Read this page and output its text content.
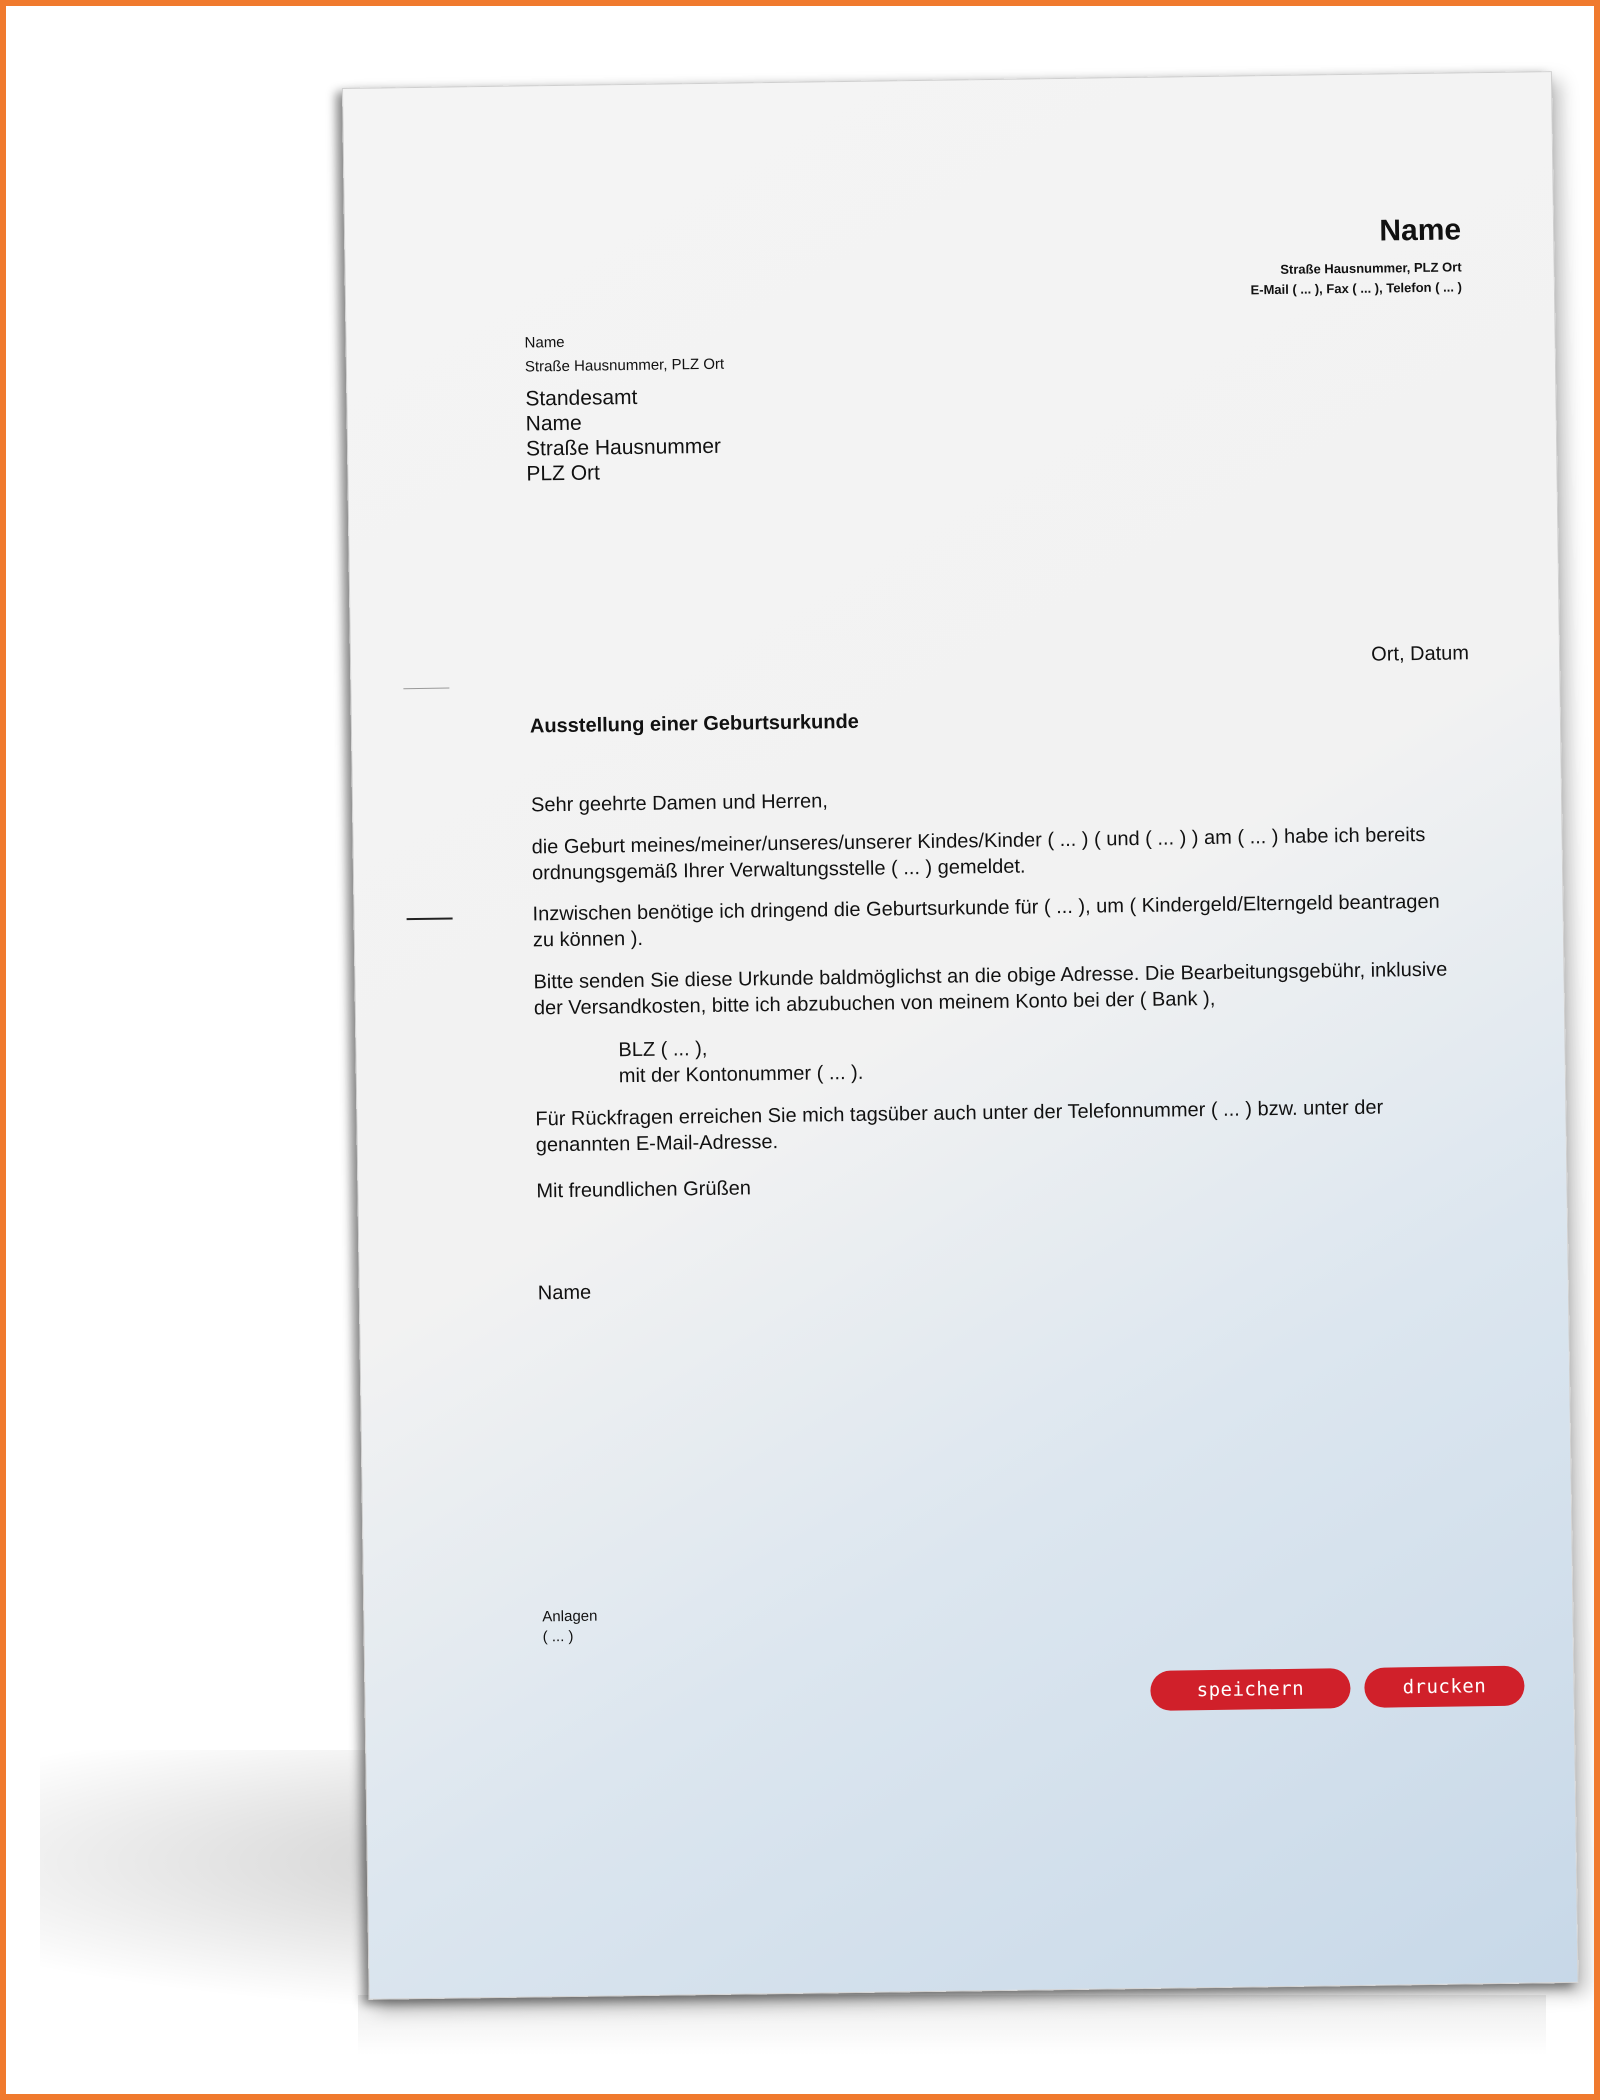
Name
Straße Hausnummer, PLZ Ort
E-Mail ( ... ), Fax ( ... ), Telefon ( ... )
Name
Straße Hausnummer, PLZ Ort
Standesamt
Name
Straße Hausnummer
PLZ Ort
Ort, Datum
Ausstellung einer Geburtsurkunde
Sehr geehrte Damen und Herren,
die Geburt meines/meiner/unseres/unserer Kindes/Kinder ( ... ) ( und ( ... ) ) am ( ... ) habe ich bereits
ordnungsgemäß Ihrer Verwaltungsstelle ( ... ) gemeldet.
Inzwischen benötige ich dringend die Geburtsurkunde für ( ... ), um ( Kindergeld/Elterngeld beantragen
zu können ).
Bitte senden Sie diese Urkunde baldmöglichst an die obige Adresse. Die Bearbeitungsgebühr, inklusive
der Versandkosten, bitte ich abzubuchen von meinem Konto bei der ( Bank ),
BLZ ( ... ),
mit der Kontonummer ( ... ).
Für Rückfragen erreichen Sie mich tagsüber auch unter der Telefonnummer ( ... ) bzw. unter der
genannten E-Mail-Adresse.
Mit freundlichen Grüßen
Name
Anlagen
( ... )
speichern	drucken
